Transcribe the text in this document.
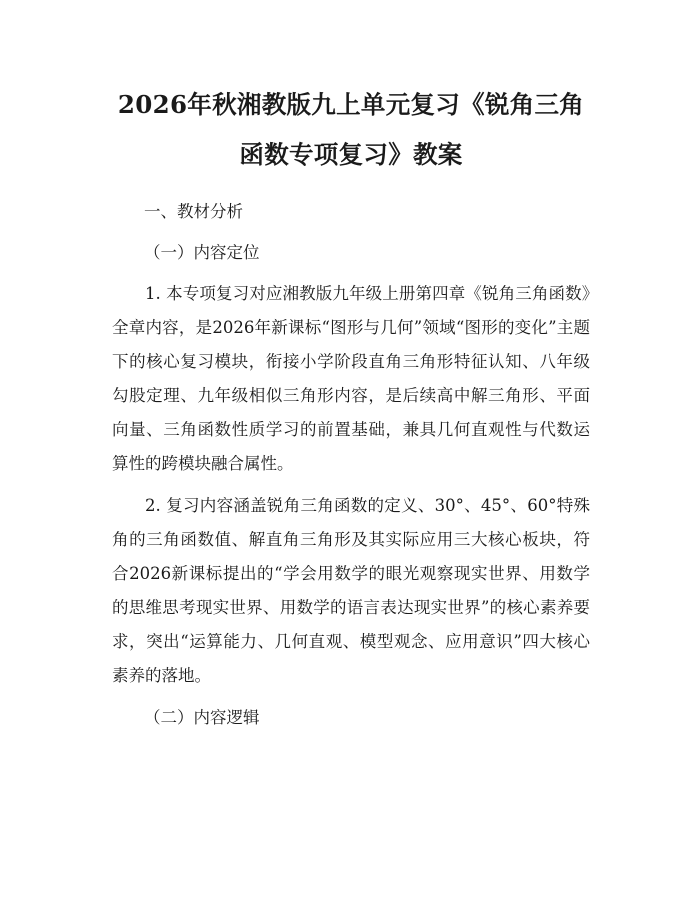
2026年秋湘教版九上单元复习《锐角三角函数专项复习》教案

一、教材分析

（一）内容定位

1. 本专项复习对应湘教版九年级上册第四章《锐角三角函数》全章内容，是2026年新课标“图形与几何”领域“图形的变化”主题下的核心复习模块，衔接小学阶段直角三角形特征认知、八年级勾股定理、九年级相似三角形内容，是后续高中解三角形、平面向量、三角函数性质学习的前置基础，兼具几何直观性与代数运算性的跨模块融合属性。

2. 复习内容涵盖锐角三角函数的定义、30°、45°、60°特殊角的三角函数值、解直角三角形及其实际应用三大核心板块，符合2026新课标提出的“学会用数学的眼光观察现实世界、用数学的思维思考现实世界、用数学的语言表达现实世界”的核心素养要求，突出“运算能力、几何直观、模型观念、应用意识”四大核心素养的落地。

（二）内容逻辑
